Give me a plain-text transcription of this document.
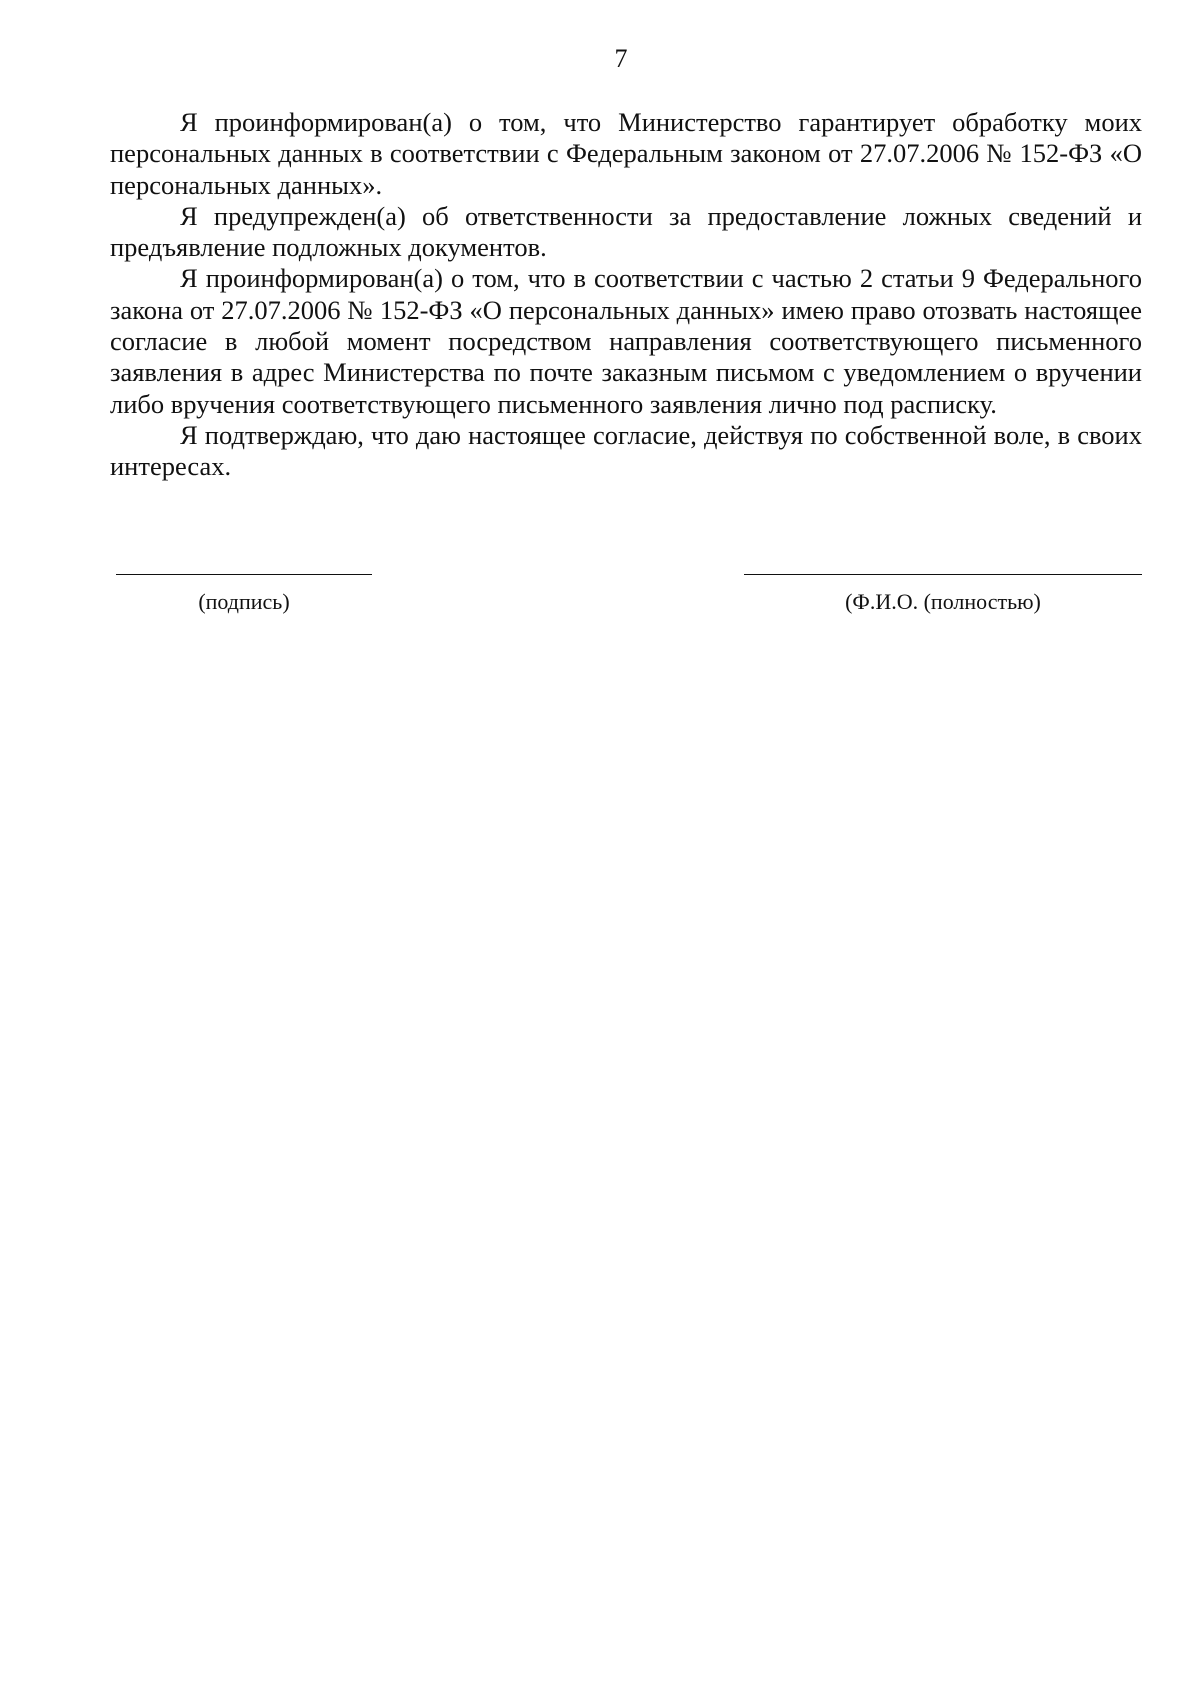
7

Я проинформирован(а) о том, что Министерство гарантирует обработку моих персональных данных в соответствии с Федеральным законом от 27.07.2006 № 152-ФЗ «О персональных данных».

Я предупрежден(а) об ответственности за предоставление ложных сведений и предъявление подложных документов.

Я проинформирован(а) о том, что в соответствии с частью 2 статьи 9 Федерального закона от 27.07.2006 № 152-ФЗ «О персональных данных» имею право отозвать настоящее согласие в любой момент посредством направления соответствующего письменного заявления в адрес Министерства по почте заказным письмом с уведомлением о вручении либо вручения соответствующего письменного заявления лично под расписку.

Я подтверждаю, что даю настоящее согласие, действуя по собственной воле, в своих интересах.

(подпись)	(Ф.И.О. (полностью)
